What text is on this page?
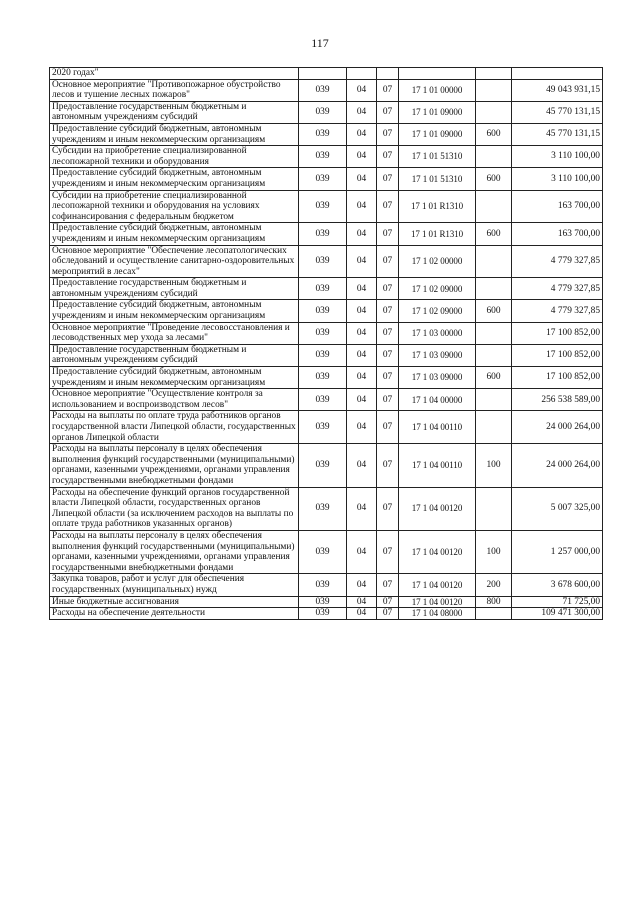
117
2020 годах"						
Основное мероприятие "Противопожарное обустройство лесов и тушение лесных пожаров"	039	04	07	17 1 01 00000		49 043 931,15
Предоставление государственным бюджетным и автономным учреждениям субсидий	039	04	07	17 1 01 09000		45 770 131,15
Предоставление субсидий бюджетным, автономным учреждениям и иным некоммерческим организациям	039	04	07	17 1 01 09000	600	45 770 131,15
Субсидии на приобретение специализированной лесопожарной техники и оборудования	039	04	07	17 1 01 51310		3 110 100,00
Предоставление субсидий бюджетным, автономным учреждениям и иным некоммерческим организациям	039	04	07	17 1 01 51310	600	3 110 100,00
Субсидии на приобретение специализированной лесопожарной техники и оборудования на условиях софинансирования с федеральным бюджетом	039	04	07	17 1 01 R1310		163 700,00
Предоставление субсидий бюджетным, автономным учреждениям и иным некоммерческим организациям	039	04	07	17 1 01 R1310	600	163 700,00
Основное мероприятие "Обеспечение лесопатологических обследований и осуществление санитарно-оздоровительных мероприятий в лесах"	039	04	07	17 1 02 00000		4 779 327,85
Предоставление государственным бюджетным и автономным учреждениям субсидий	039	04	07	17 1 02 09000		4 779 327,85
Предоставление субсидий бюджетным, автономным учреждениям и иным некоммерческим организациям	039	04	07	17 1 02 09000	600	4 779 327,85
Основное мероприятие "Проведение лесовосстановления и лесоводственных мер ухода за лесами"	039	04	07	17 1 03 00000		17 100 852,00
Предоставление государственным бюджетным и автономным учреждениям субсидий	039	04	07	17 1 03 09000		17 100 852,00
Предоставление субсидий бюджетным, автономным учреждениям и иным некоммерческим организациям	039	04	07	17 1 03 09000	600	17 100 852,00
Основное мероприятие "Осуществление контроля за использованием и воспроизводством лесов"	039	04	07	17 1 04 00000		256 538 589,00
Расходы на выплаты по оплате труда работников органов государственной власти Липецкой области, государственных органов Липецкой области	039	04	07	17 1 04 00110		24 000 264,00
Расходы на выплаты персоналу в целях обеспечения выполнения функций государственными (муниципальными) органами, казенными учреждениями, органами управления государственными внебюджетными фондами	039	04	07	17 1 04 00110	100	24 000 264,00
Расходы на обеспечение функций органов государственной власти Липецкой области, государственных органов Липецкой области (за исключением расходов на выплаты по оплате труда работников указанных органов)	039	04	07	17 1 04 00120		5 007 325,00
Расходы на выплаты персоналу в целях обеспечения выполнения функций государственными (муниципальными) органами, казенными учреждениями, органами управления государственными внебюджетными фондами	039	04	07	17 1 04 00120	100	1 257 000,00
Закупка товаров, работ и услуг для обеспечения государственных (муниципальных) нужд	039	04	07	17 1 04 00120	200	3 678 600,00
Иные бюджетные ассигнования	039	04	07	17 1 04 00120	800	71 725,00
Расходы на обеспечение деятельности	039	04	07	17 1 04 08000		109 471 300,00
